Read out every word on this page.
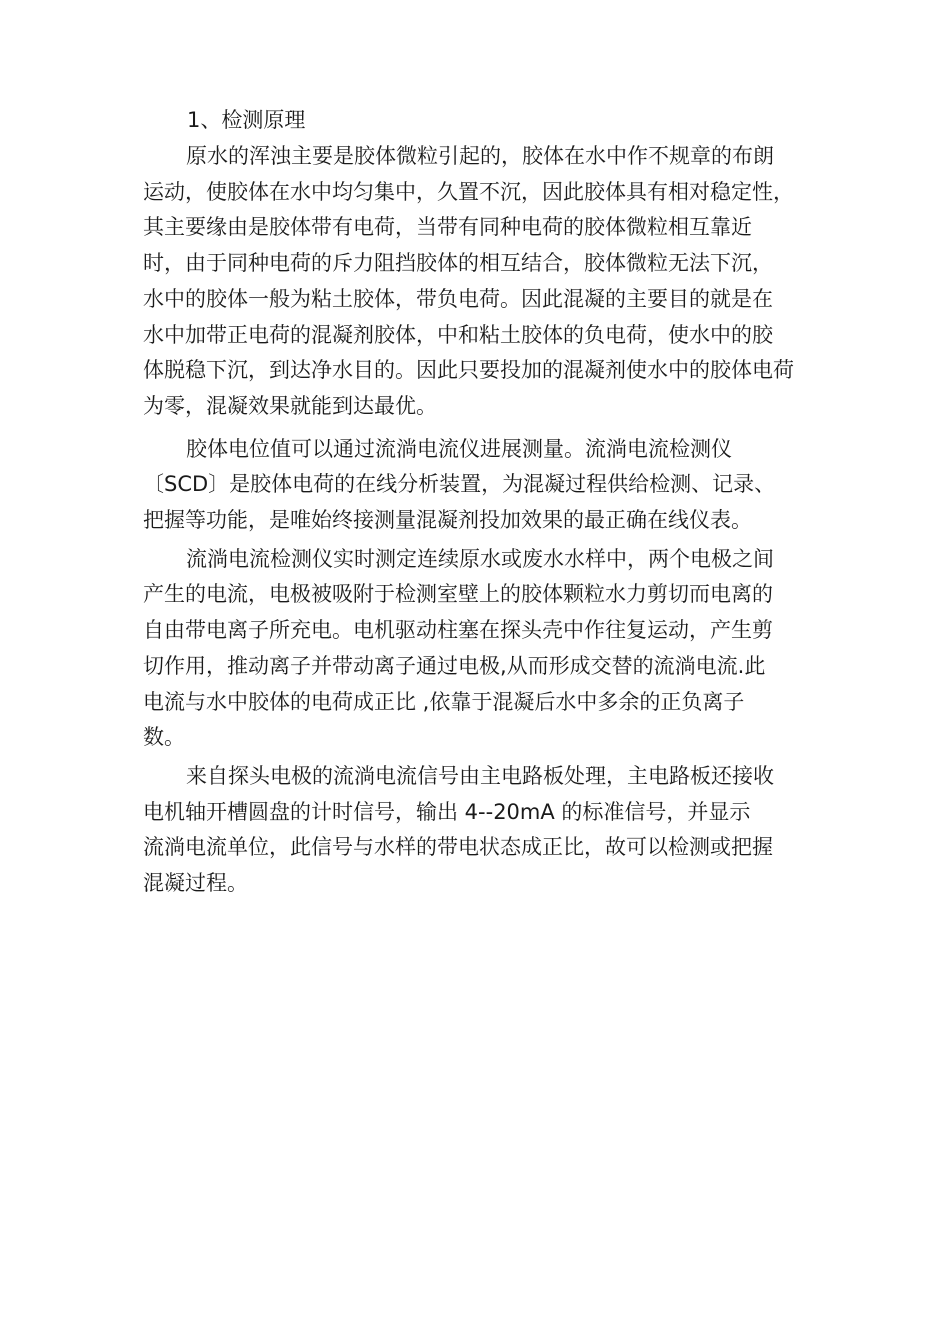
1、检测原理
原水的浑浊主要是胶体微粒引起的，胶体在水中作不规章的布朗
运动，使胶体在水中均匀集中，久置不沉，因此胶体具有相对稳定性，
其主要缘由是胶体带有电荷，当带有同种电荷的胶体微粒相互靠近
时，由于同种电荷的斥力阻挡胶体的相互结合，胶体微粒无法下沉，
水中的胶体一般为粘土胶体，带负电荷。因此混凝的主要目的就是在
水中加带正电荷的混凝剂胶体，中和粘土胶体的负电荷，使水中的胶
体脱稳下沉，到达净水目的。因此只要投加的混凝剂使水中的胶体电荷
为零，混凝效果就能到达最优。
胶体电位值可以通过流淌电流仪进展测量。流淌电流检测仪
〔SCD〕是胶体电荷的在线分析装置，为混凝过程供给检测、记录、
把握等功能，是唯始终接测量混凝剂投加效果的最正确在线仪表。
流淌电流检测仪实时测定连续原水或废水水样中，两个电极之间
产生的电流，电极被吸附于检测室壁上的胶体颗粒水力剪切而电离的
自由带电离子所充电。电机驱动柱塞在探头壳中作往复运动，产生剪
切作用，推动离子并带动离子通过电极,从而形成交替的流淌电流.此
电流与水中胶体的电荷成正比 ,依靠于混凝后水中多余的正负离子
数。
来自探头电极的流淌电流信号由主电路板处理，主电路板还接收
电机轴开槽圆盘的计时信号，输出 4--20mA 的标准信号，并显示
流淌电流单位，此信号与水样的带电状态成正比，故可以检测或把握
混凝过程。
